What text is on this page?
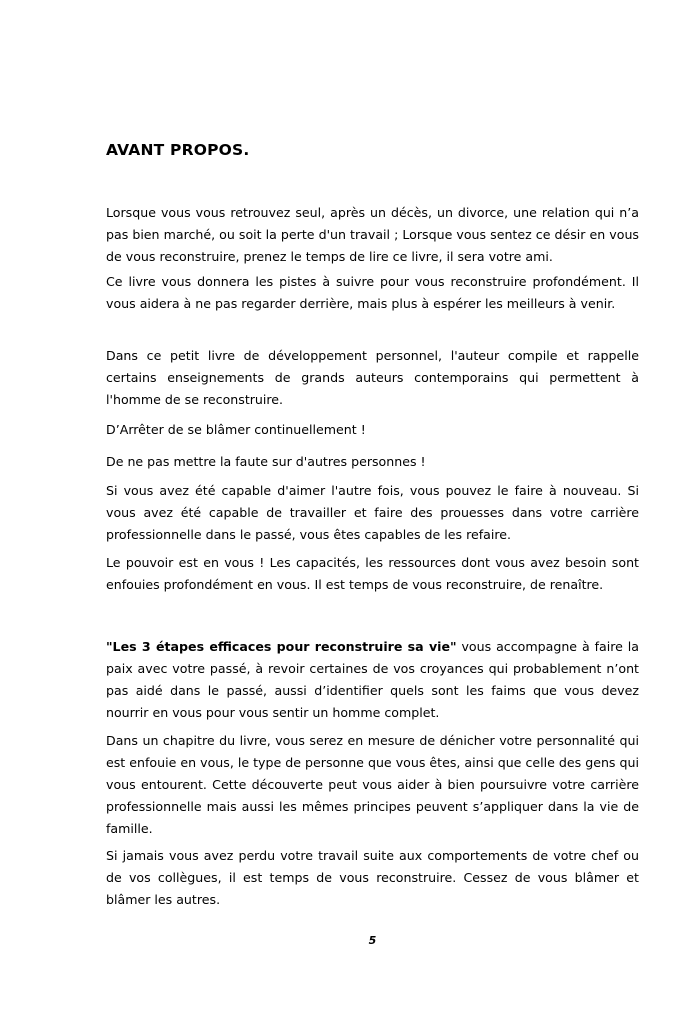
AVANT PROPOS.

Lorsque vous vous retrouvez seul, après un décès, un divorce, une relation qui n’a pas bien marché, ou soit la perte d'un travail ; Lorsque vous sentez ce désir en vous de vous reconstruire, prenez le temps de lire ce livre, il sera votre ami.

Ce livre vous donnera les pistes à suivre pour vous reconstruire profondément. Il vous aidera à ne pas regarder derrière, mais plus à espérer les meilleurs à venir.

Dans ce petit livre de développement personnel, l'auteur compile et rappelle certains enseignements de grands auteurs contemporains qui permettent à l'homme de se reconstruire.

D’Arrêter de se blâmer continuellement !

De ne pas mettre la faute sur d'autres personnes !

Si vous avez été capable d'aimer l'autre fois, vous pouvez le faire à nouveau. Si vous avez été capable de travailler et faire des prouesses dans votre carrière professionnelle dans le passé, vous êtes capables de les refaire.

Le pouvoir est en vous ! Les capacités, les ressources dont vous avez besoin sont enfouies profondément en vous. Il est temps de vous reconstruire, de renaître.

"Les 3 étapes efficaces pour reconstruire sa vie" vous accompagne à faire la paix avec votre passé, à revoir certaines de vos croyances qui probablement n’ont pas aidé dans le passé, aussi d’identifier quels sont les faims que vous devez nourrir en vous pour vous sentir un homme complet.

Dans un chapitre du livre, vous serez en mesure de dénicher votre personnalité qui est enfouie en vous, le type de personne que vous êtes, ainsi que celle des gens qui vous entourent. Cette découverte peut vous aider à bien poursuivre votre carrière professionnelle mais aussi les mêmes principes peuvent s’appliquer dans la vie de famille.

Si jamais vous avez perdu votre travail suite aux comportements de votre chef ou de vos collègues, il est temps de vous reconstruire. Cessez de vous blâmer et blâmer les autres.

5
